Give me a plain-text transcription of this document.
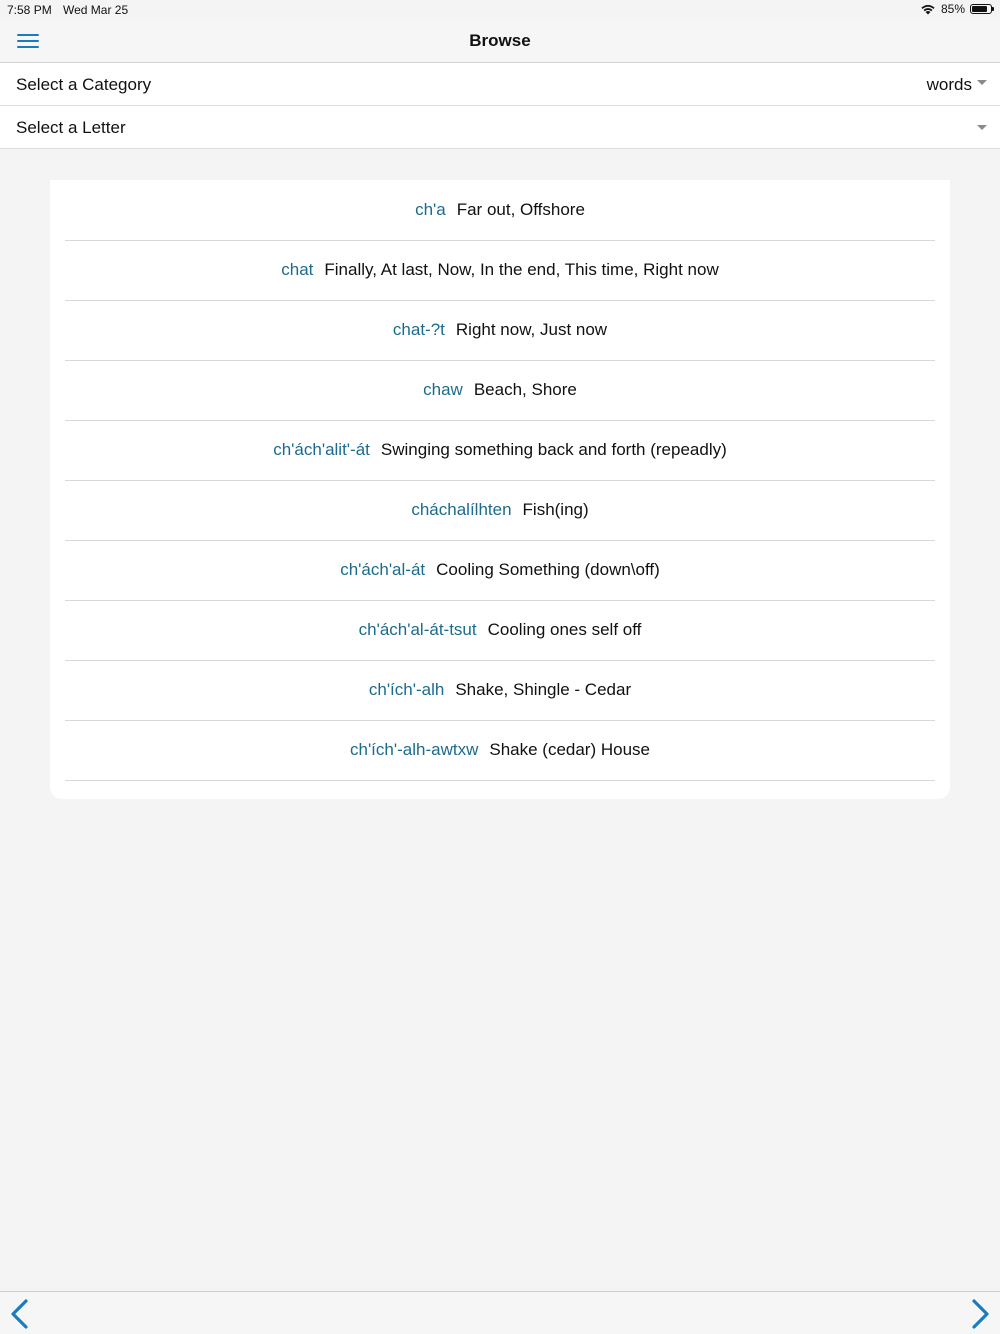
7:58 PM Wed Mar 25	85%
Browse
Select a Category	words
Select a Letter
ch'a Far out, Offshore
chat Finally, At last, Now, In the end, This time, Right now
chat-?t Right now, Just now
chaw Beach, Shore
ch'ách'alit'-át Swinging something back and forth (repeadly)
cháchalílhten Fish(ing)
ch'ách'al-át Cooling Something (down\off)
ch'ách'al-át-tsut Cooling ones self off
ch'ích'-alh Shake, Shingle - Cedar
ch'ích'-alh-awtxw Shake (cedar) House
